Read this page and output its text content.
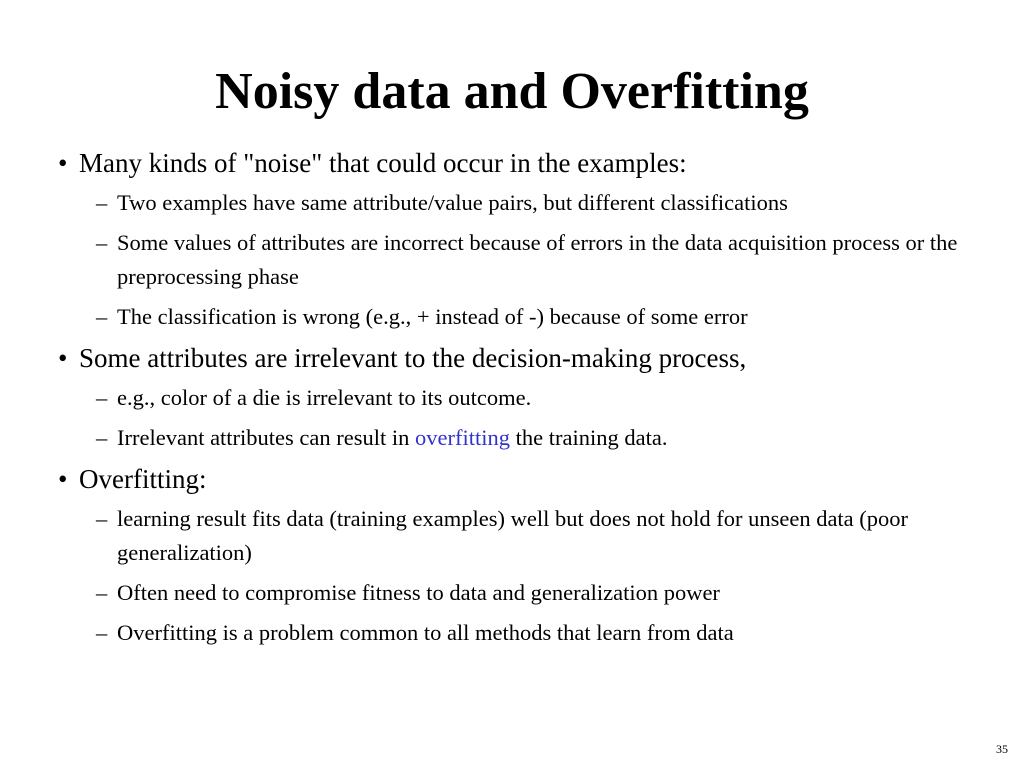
Noisy data and Overfitting
• Many kinds of "noise" that could occur in the examples:
– Two examples have same attribute/value pairs, but different classifications
– Some values of attributes are incorrect because of errors in the data acquisition process or the preprocessing phase
– The classification is wrong (e.g., + instead of -) because of some error
• Some attributes are irrelevant to the decision-making process,
– e.g., color of a die is irrelevant to its outcome.
– Irrelevant attributes can result in overfitting the training data.
• Overfitting:
– learning result fits data (training examples) well but does not hold for unseen data (poor generalization)
– Often need to compromise fitness to data and generalization power
– Overfitting is a problem common to all methods that learn from data
35
